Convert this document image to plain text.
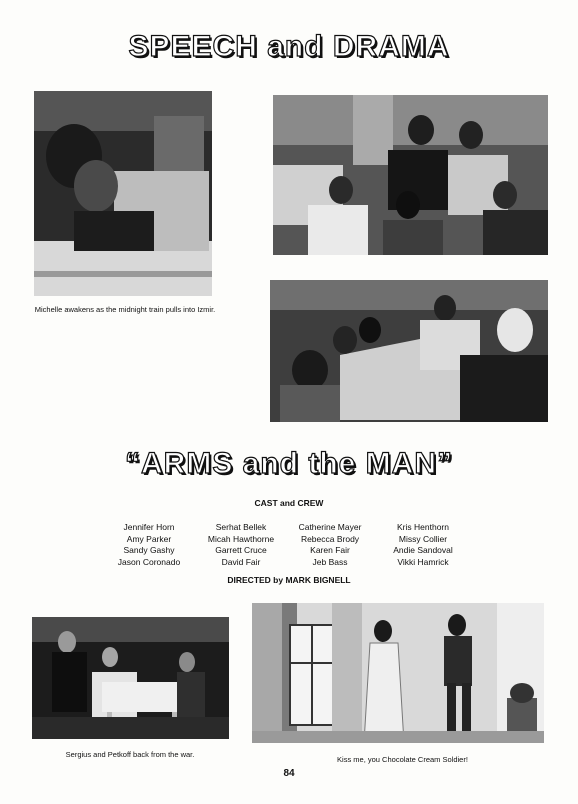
SPEECH and DRAMA
Michelle awakens as the midnight train pulls into Izmir.
“ARMS and the MAN”
CAST and CREW
Jennifer Horn
Amy Parker
Sandy Gashy
Jason Coronado
Serhat Bellek
Micah Hawthorne
Garrett Cruce
David Fair
Catherine Mayer
Rebecca Brody
Karen Fair
Jeb Bass
Kris Henthorn
Missy Collier
Andie Sandoval
Vikki Hamrick
DIRECTED by MARK BIGNELL
Sergius and Petkoff back from the war.
Kiss me, you Chocolate Cream Soldier!
84
